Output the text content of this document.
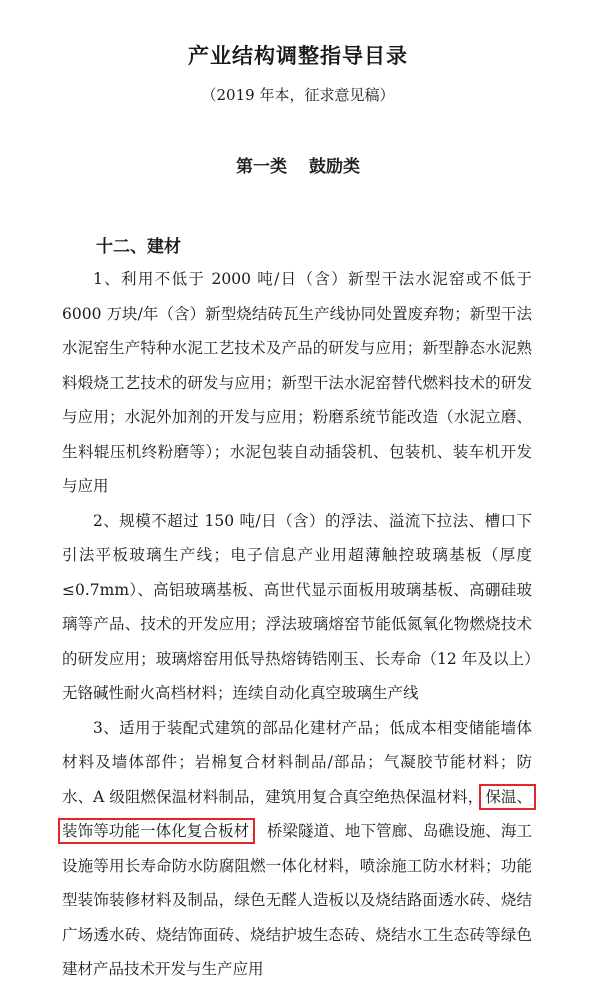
产业结构调整指导目录
（2019 年本，征求意见稿）
第一类 鼓励类
十二、建材

1、利用不低于 2000 吨/日（含）新型干法水泥窑或不低于 6000 万块/年（含）新型烧结砖瓦生产线协同处置废弃物；新型干法水泥窑生产特种水泥工艺技术及产品的研发与应用；新型静态水泥熟料煅烧工艺技术的研发与应用；新型干法水泥窑替代燃料技术的研发与应用；水泥外加剂的开发与应用；粉磨系统节能改造（水泥立磨、生料辊压机终粉磨等）；水泥包装自动插袋机、包装机、装车机开发与应用

2、规模不超过 150 吨/日（含）的浮法、溢流下拉法、槽口下引法平板玻璃生产线；电子信息产业用超薄触控玻璃基板（厚度≤0.7mm）、高铝玻璃基板、高世代显示面板用玻璃基板、高硼硅玻璃等产品、技术的开发应用；浮法玻璃熔窑节能低氮氧化物燃烧技术的研发应用；玻璃熔窑用低导热熔铸锆刚玉、长寿命（12 年及以上）无铬碱性耐火高档材料；连续自动化真空玻璃生产线

3、适用于装配式建筑的部品化建材产品；低成本相变储能墙体材料及墙体部件；岩棉复合材料制品/部品；气凝胶节能材料；防水、A 级阻燃保温材料制品，建筑用复合真空绝热保温材料， 保温、装饰等功能一体化复合板材 ，桥梁隧道、地下管廊、岛礁设施、海工设施等用长寿命防水防腐阻燃一体化材料，喷涂施工防水材料；功能型装饰装修材料及制品，绿色无醛人造板以及烧结路面透水砖、烧结广场透水砖、烧结饰面砖、烧结护坡生态砖、烧结水工生态砖等绿色建材产品技术开发与生产应用
